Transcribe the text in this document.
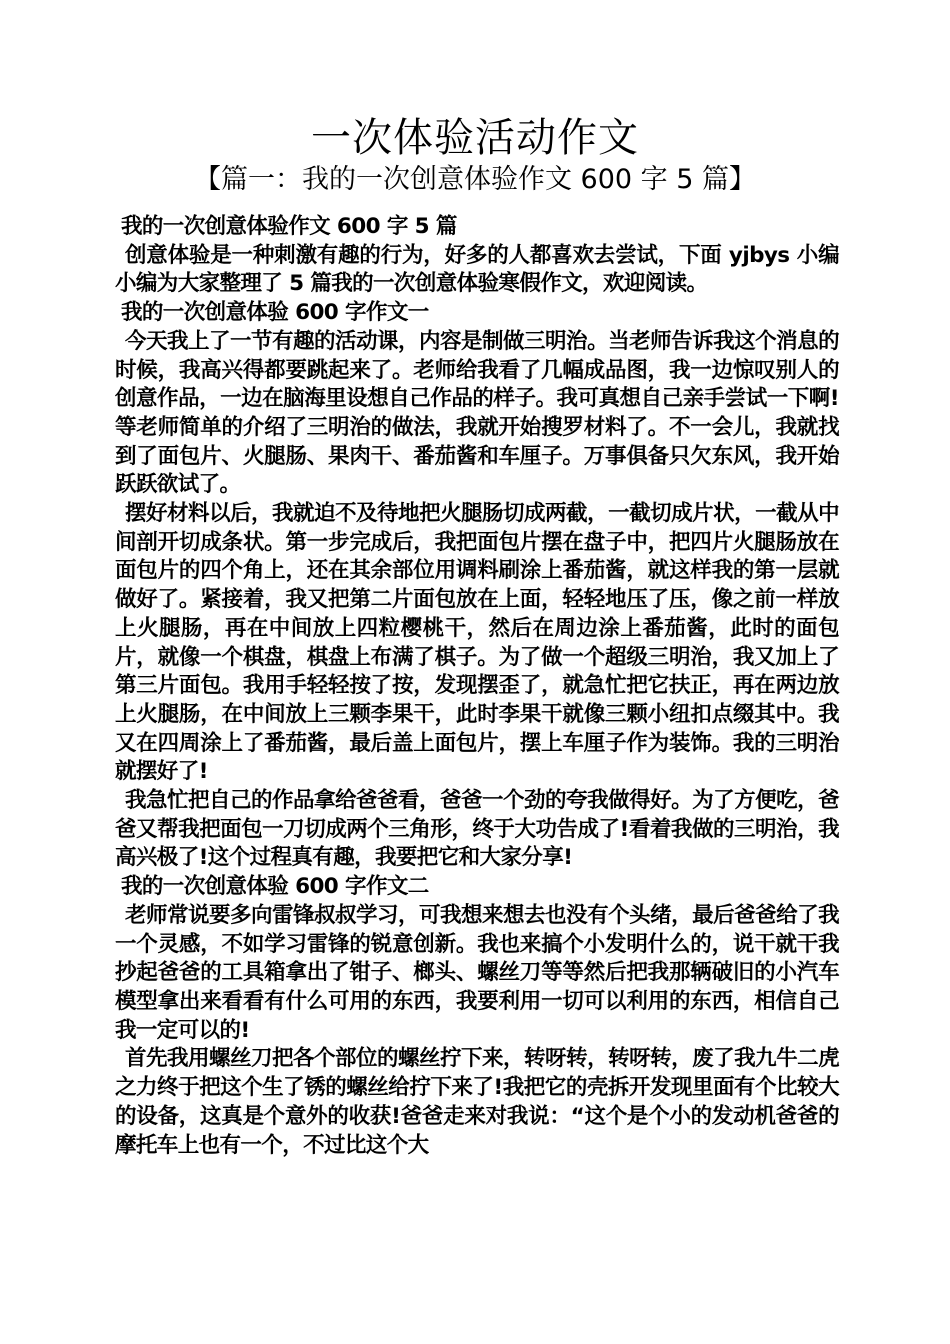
一次体验活动作文
【篇一：我的一次创意体验作文 600 字 5 篇】

我的一次创意体验作文 600 字 5 篇

创意体验是一种刺激有趣的行为，好多的人都喜欢去尝试，下面 yjbys 小编小编为大家整理了 5 篇我的一次创意体验寒假作文，欢迎阅读。

我的一次创意体验 600 字作文一

今天我上了一节有趣的活动课，内容是制做三明治。当老师告诉我这个消息的时候，我高兴得都要跳起来了。老师给我看了几幅成品图，我一边惊叹别人的创意作品，一边在脑海里设想自己作品的样子。我可真想自己亲手尝试一下啊!等老师简单的介绍了三明治的做法，我就开始搜罗材料了。不一会儿，我就找到了面包片、火腿肠、果肉干、番茄酱和车厘子。万事俱备只欠东风，我开始跃跃欲试了。

摆好材料以后，我就迫不及待地把火腿肠切成两截，一截切成片状，一截从中间剖开切成条状。第一步完成后，我把面包片摆在盘子中，把四片火腿肠放在面包片的四个角上，还在其余部位用调料刷涂上番茄酱，就这样我的第一层就做好了。紧接着，我又把第二片面包放在上面，轻轻地压了压，像之前一样放上火腿肠，再在中间放上四粒樱桃干，然后在周边涂上番茄酱，此时的面包片，就像一个棋盘，棋盘上布满了棋子。为了做一个超级三明治，我又加上了第三片面包。我用手轻轻按了按，发现摆歪了，就急忙把它扶正，再在两边放上火腿肠，在中间放上三颗李果干，此时李果干就像三颗小纽扣点缀其中。我又在四周涂上了番茄酱，最后盖上面包片，摆上车厘子作为装饰。我的三明治就摆好了!

我急忙把自己的作品拿给爸爸看，爸爸一个劲的夸我做得好。为了方便吃，爸爸又帮我把面包一刀切成两个三角形，终于大功告成了!看着我做的三明治，我高兴极了!这个过程真有趣，我要把它和大家分享!

我的一次创意体验 600 字作文二

老师常说要多向雷锋叔叔学习，可我想来想去也没有个头绪，最后爸爸给了我一个灵感，不如学习雷锋的锐意创新。我也来搞个小发明什么的，说干就干我抄起爸爸的工具箱拿出了钳子、榔头、螺丝刀等等然后把我那辆破旧的小汽车模型拿出来看看有什么可用的东西，我要利用一切可以利用的东西，相信自己我一定可以的!

首先我用螺丝刀把各个部位的螺丝拧下来，转呀转，转呀转，废了我九牛二虎之力终于把这个生了锈的螺丝给拧下来了!我把它的壳拆开发现里面有个比较大的设备，这真是个意外的收获!爸爸走来对我说：“这个是个小的发动机爸爸的摩托车上也有一个，不过比这个大
